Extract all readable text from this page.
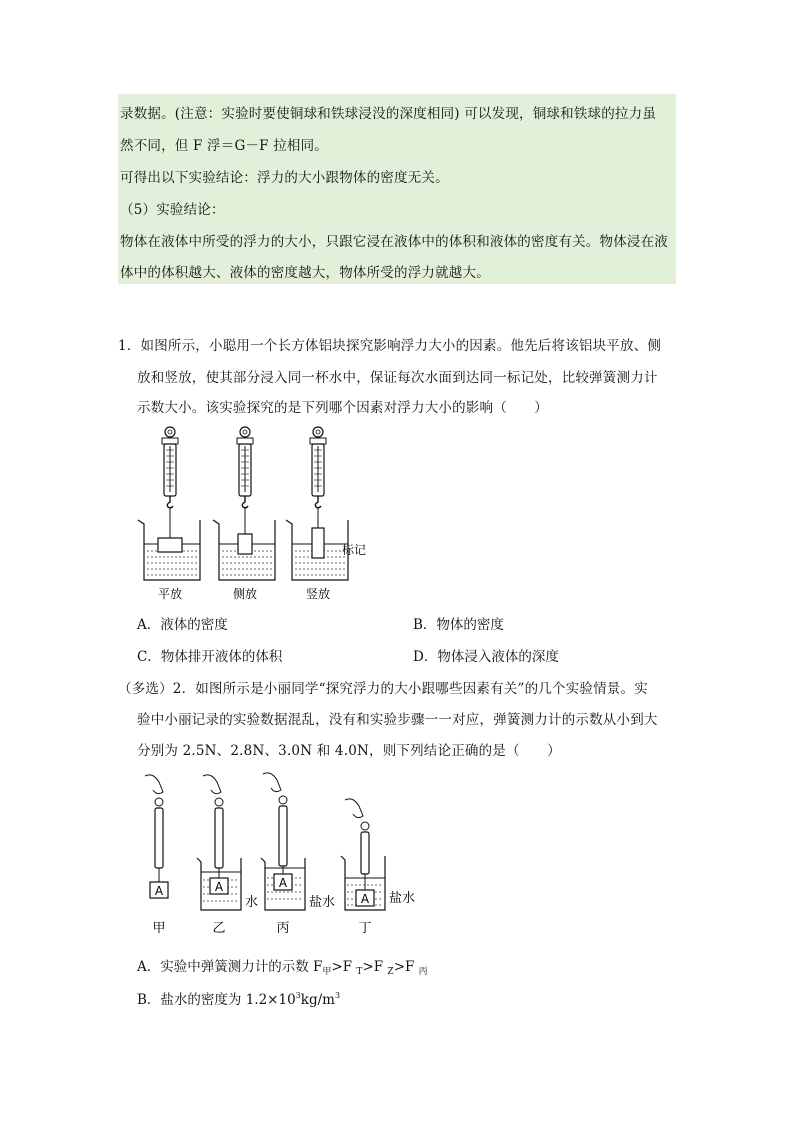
录数据。(注意：实验时要使铜球和铁球浸没的深度相同) 可以发现，铜球和铁球的拉力虽
然不同，但 F 浮＝G－F 拉相同。
可得出以下实验结论：浮力的大小跟物体的密度无关。
（5）实验结论：
物体在液体中所受的浮力的大小，只跟它浸在液体中的体积和液体的密度有关。物体浸在液
体中的体积越大、液体的密度越大，物体所受的浮力就越大。
1．如图所示，小聪用一个长方体铝块探究影响浮力大小的因素。他先后将该铝块平放、侧
放和竖放，使其部分浸入同一杯水中，保证每次水面到达同一标记处，比较弹簧测力计
示数大小。该实验探究的是下列哪个因素对浮力大小的影响（　　）
平放	侧放
标记
竖放
A．液体的密度	B．物体的密度
C．物体排开液体的体积	D．物体浸入液体的深度
（多选）2．如图所示是小丽同学“探究浮力的大小跟哪些因素有关”的几个实验情景。实
验中小丽记录的实验数据混乱，没有和实验步骤一一对应，弹簧测力计的示数从小到大
分别为 2.5N、2.8N、3.0N 和 4.0N，则下列结论正确的是（　　）
A
甲
A
水
乙
A
盐水
丙
A 盐水
丁
A．实验中弹簧测力计的示数 $F_甲>F$ $_T$>F $_Z$>F $_丙$
B．盐水的密度为 $1.2\times 10^3kg/m^3$
